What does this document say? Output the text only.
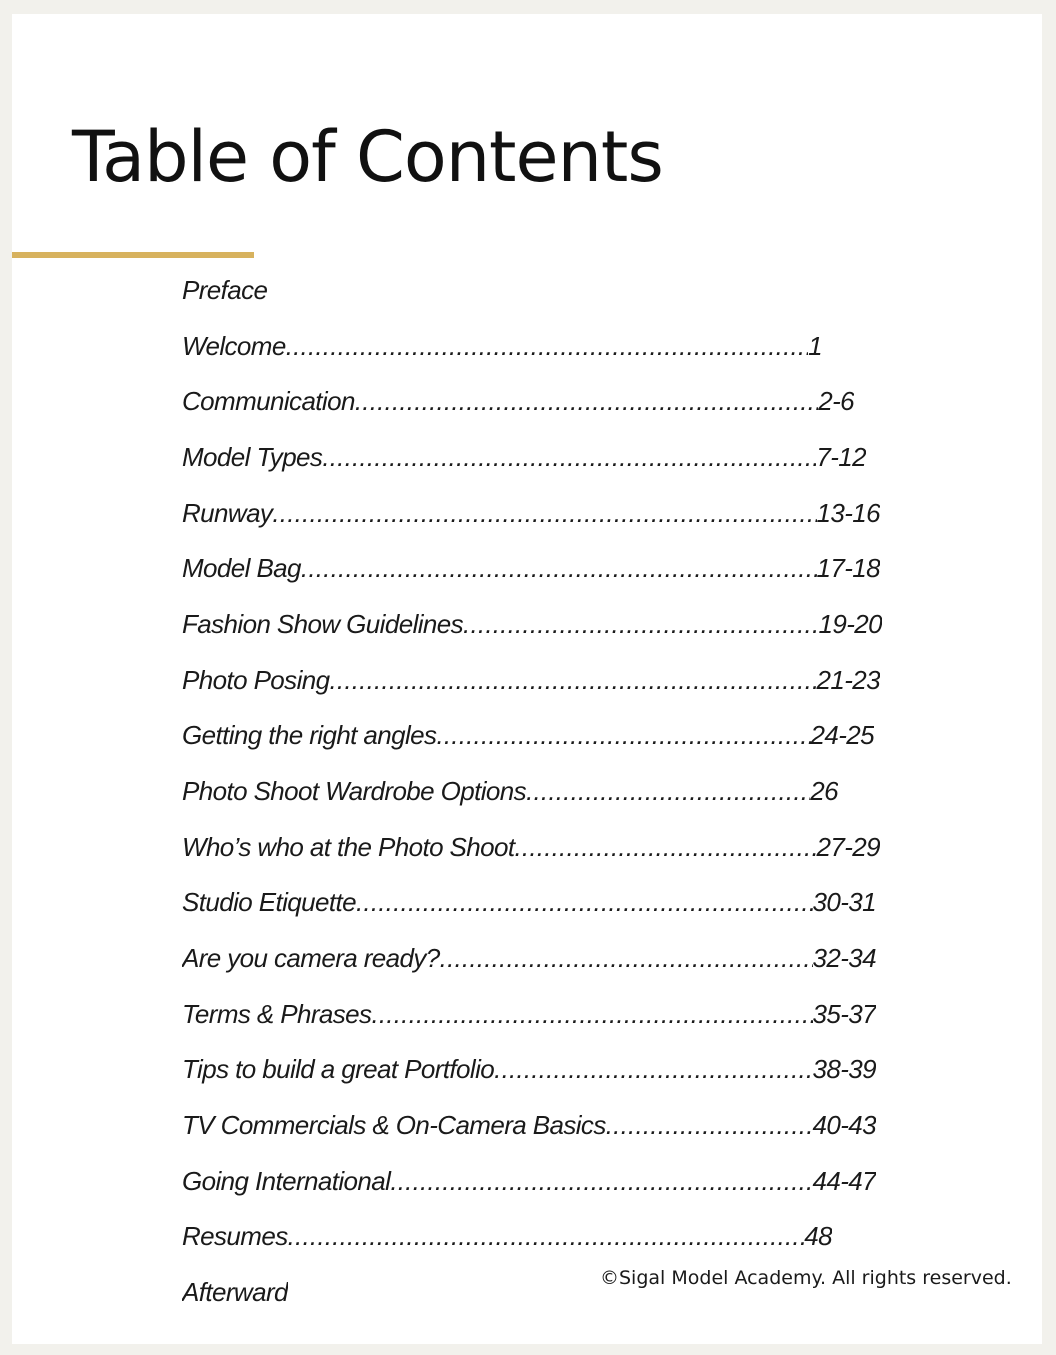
Table of Contents
Preface
Welcome .....	1
Communication .....	2-6
Model Types .....	7-12
Runway .....	13-16
Model Bag .....	17-18
Fashion Show Guidelines .....	19-20
Photo Posing .....	21-23
Getting the right angles .....	24-25
Photo Shoot Wardrobe Options .....	26
Who’s who at the Photo Shoot .....	27-29
Studio Etiquette .....	30-31
Are you camera ready? .....	32-34
Terms & Phrases .....	35-37
Tips to build a great Portfolio .....	38-39
TV Commercials & On-Camera Basics .....	40-43
Going International .....	44-47
Resumes .....	48
Afterward	©Sigal Model Academy. All rights reserved.
